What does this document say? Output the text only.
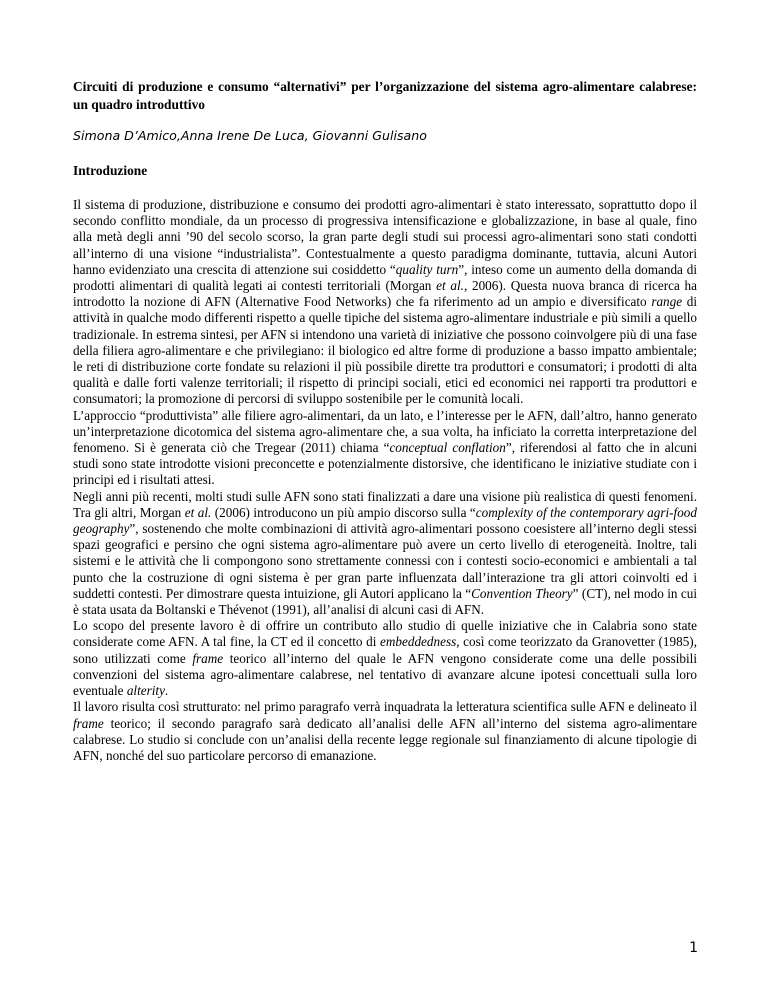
Circuiti di produzione e consumo “alternativi” per l’organizzazione del sistema agro-alimentare calabrese: un quadro introduttivo
Simona D’Amico,Anna Irene De Luca, Giovanni Gulisano
Introduzione

Il sistema di produzione, distribuzione e consumo dei prodotti agro-alimentari è stato interessato, soprattutto dopo il secondo conflitto mondiale, da un processo di progressiva intensificazione e globalizzazione, in base al quale, fino alla metà degli anni ’90 del secolo scorso, la gran parte degli studi sui processi agro-alimentari sono stati condotti all’interno di una visione “industrialista”. Contestualmente a questo paradigma dominante, tuttavia, alcuni Autori hanno evidenziato una crescita di attenzione sui cosiddetto “quality turn”, inteso come un aumento della domanda di prodotti alimentari di qualità legati ai contesti territoriali (Morgan et al., 2006). Questa nuova branca di ricerca ha introdotto la nozione di AFN (Alternative Food Networks) che fa riferimento ad un ampio e diversificato range di attività in qualche modo differenti rispetto a quelle tipiche del sistema agro-alimentare industriale e più simili a quello tradizionale. In estrema sintesi, per AFN si intendono una varietà di iniziative che possono coinvolgere più di una fase della filiera agro-alimentare e che privilegiano: il biologico ed altre forme di produzione a basso impatto ambientale; le reti di distribuzione corte fondate su relazioni il più possibile dirette tra produttori e consumatori; i prodotti di alta qualità e dalle forti valenze territoriali; il rispetto di principi sociali, etici ed economici nei rapporti tra produttori e consumatori; la promozione di percorsi di sviluppo sostenibile per le comunità locali.

L’approccio “produttivista” alle filiere agro-alimentari, da un lato, e l’interesse per le AFN, dall’altro, hanno generato un’interpretazione dicotomica del sistema agro-alimentare che, a sua volta, ha inficiato la corretta interpretazione del fenomeno. Si è generata ciò che Tregear (2011) chiama “conceptual conflation”, riferendosi al fatto che in alcuni studi sono state introdotte visioni preconcette e potenzialmente distorsive, che identificano le iniziative studiate con i principi ed i risultati attesi.

Negli anni più recenti, molti studi sulle AFN sono stati finalizzati a dare una visione più realistica di questi fenomeni. Tra gli altri, Morgan et al. (2006) introducono un più ampio discorso sulla “complexity of the contemporary agri-food geography”, sostenendo che molte combinazioni di attività agro-alimentari possono coesistere all’interno degli stessi spazi geografici e persino che ogni sistema agro-alimentare può avere un certo livello di eterogeneità. Inoltre, tali sistemi e le attività che li compongono sono strettamente connessi con i contesti socio-economici e ambientali a tal punto che la costruzione di ogni sistema è per gran parte influenzata dall’interazione tra gli attori coinvolti ed i suddetti contesti. Per dimostrare questa intuizione, gli Autori applicano la “Convention Theory” (CT), nel modo in cui è stata usata da Boltanski e Thévenot (1991), all’analisi di alcuni casi di AFN.

Lo scopo del presente lavoro è di offrire un contributo allo studio di quelle iniziative che in Calabria sono state considerate come AFN. A tal fine, la CT ed il concetto di embeddedness, così come teorizzato da Granovetter (1985), sono utilizzati come frame teorico all’interno del quale le AFN vengono considerate come una delle possibili convenzioni del sistema agro-alimentare calabrese, nel tentativo di avanzare alcune ipotesi concettuali sulla loro eventuale alterity.

Il lavoro risulta così strutturato: nel primo paragrafo verrà inquadrata la letteratura scientifica sulle AFN e delineato il frame teorico; il secondo paragrafo sarà dedicato all’analisi delle AFN all’interno del sistema agro-alimentare calabrese. Lo studio si conclude con un’analisi della recente legge regionale sul finanziamento di alcune tipologie di AFN, nonché del suo particolare percorso di emanazione.

1
